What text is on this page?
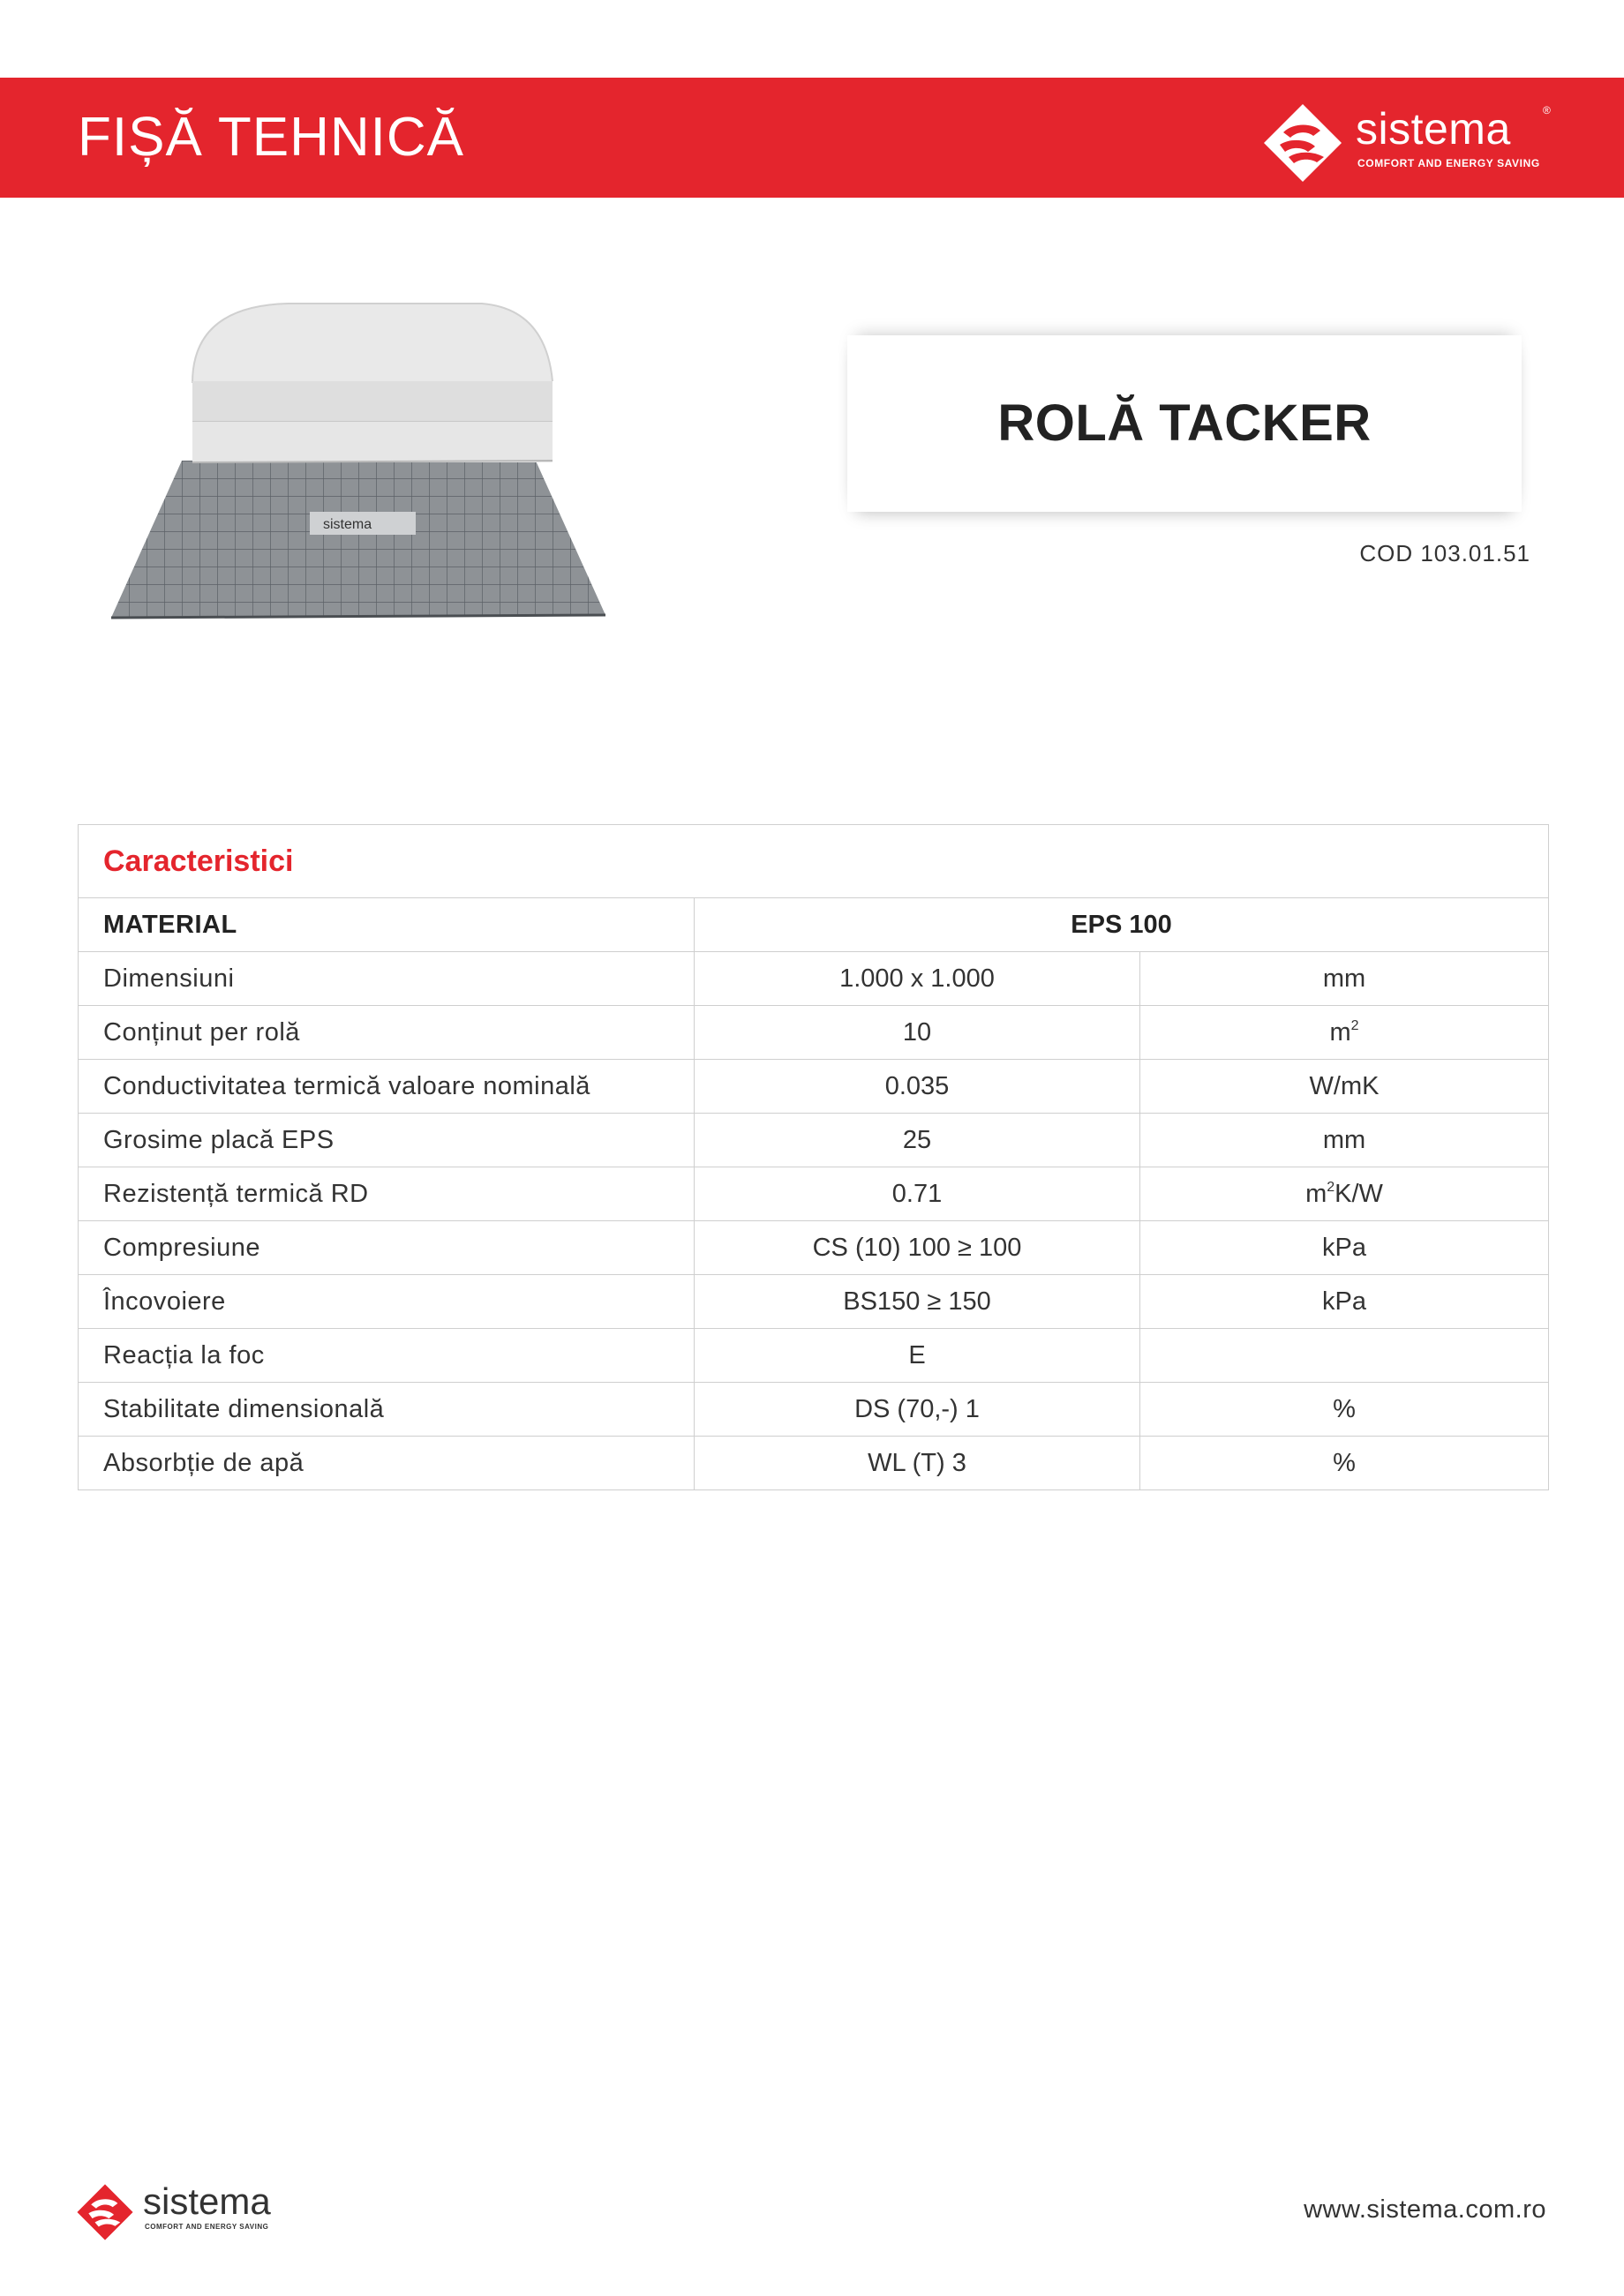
FIȘĂ TEHNICĂ	sistema	®
COMFORT AND ENERGY SAVING
sistema
ROLĂ TACKER
COD 103.01.51
Caracteristici		
MATERIAL	EPS 100	
Dimensiuni	1.000 x 1.000	mm
Conținut per rolă	10	$m^2$
Conductivitatea termică valoare nominală	0.035	W/mK
Grosime placă EPS	25	mm
Rezistență termică RD	0.71	$m^2K/W$
Compresiune	CS (10) 100 ≥ 100	kPa
Încovoiere	BS150 ≥ 150	kPa
Reacția la foc	E	
Stabilitate dimensională	DS (70,-) 1	%
Absorbție de apă	WL (T) 3	%
sistema
COMFORT AND ENERGY SAVING
www.sistema.com.ro
